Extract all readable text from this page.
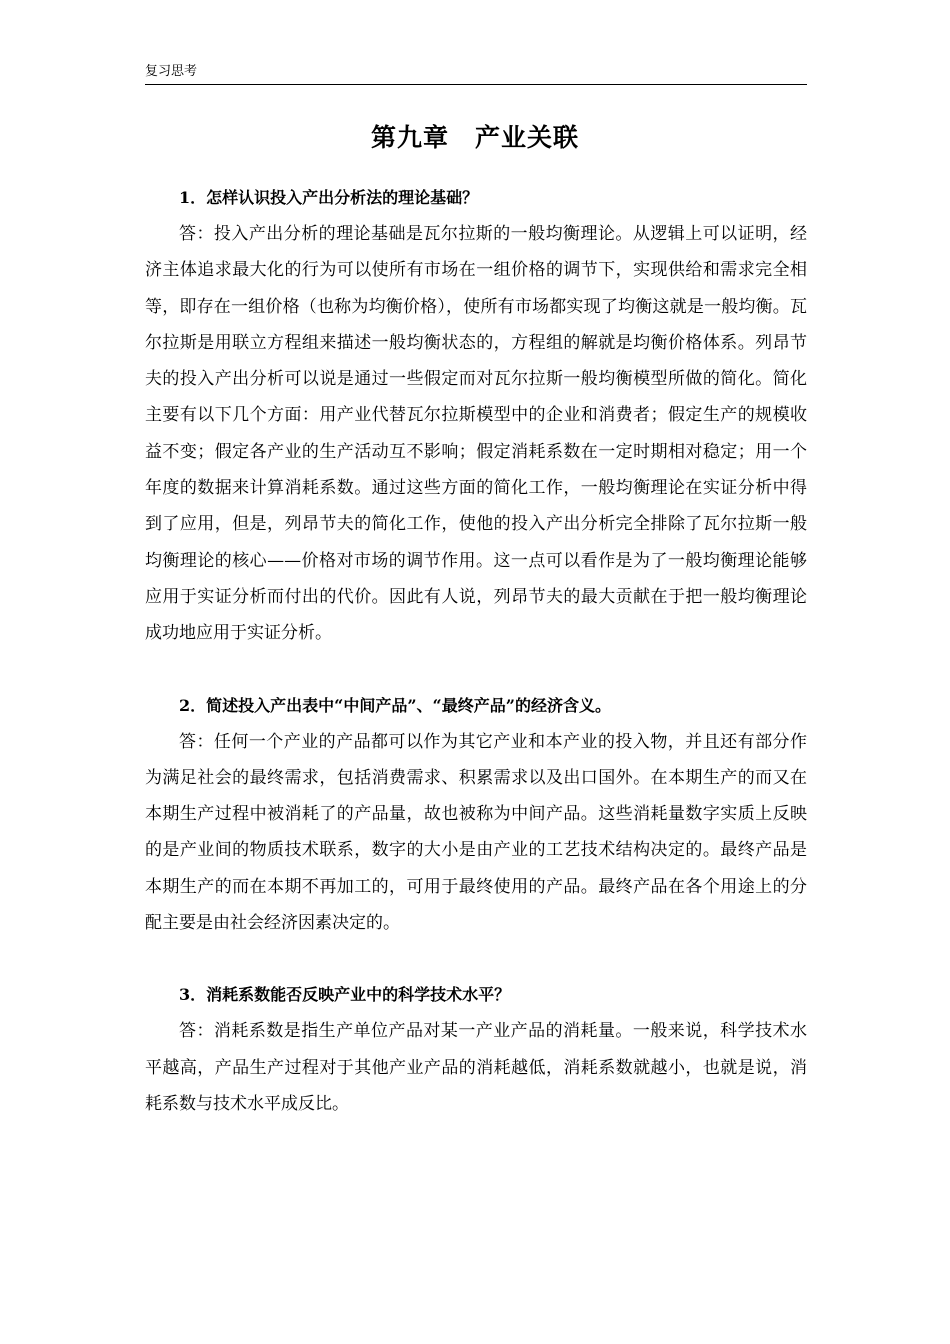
复习思考
第九章　产业关联

1．怎样认识投入产出分析法的理论基础？

答：投入产出分析的理论基础是瓦尔拉斯的一般均衡理论。从逻辑上可以证明，经济主体追求最大化的行为可以使所有市场在一组价格的调节下，实现供给和需求完全相等，即存在一组价格（也称为均衡价格），使所有市场都实现了均衡这就是一般均衡。瓦尔拉斯是用联立方程组来描述一般均衡状态的，方程组的解就是均衡价格体系。列昂节夫的投入产出分析可以说是通过一些假定而对瓦尔拉斯一般均衡模型所做的简化。简化主要有以下几个方面：用产业代替瓦尔拉斯模型中的企业和消费者；假定生产的规模收益不变；假定各产业的生产活动互不影响；假定消耗系数在一定时期相对稳定；用一个年度的数据来计算消耗系数。通过这些方面的简化工作，一般均衡理论在实证分析中得到了应用，但是，列昂节夫的简化工作，使他的投入产出分析完全排除了瓦尔拉斯一般均衡理论的核心——价格对市场的调节作用。这一点可以看作是为了一般均衡理论能够应用于实证分析而付出的代价。因此有人说，列昂节夫的最大贡献在于把一般均衡理论成功地应用于实证分析。

2．简述投入产出表中“中间产品”、“最终产品”的经济含义。

答：任何一个产业的产品都可以作为其它产业和本产业的投入物，并且还有部分作为满足社会的最终需求，包括消费需求、积累需求以及出口国外。在本期生产的而又在本期生产过程中被消耗了的产品量，故也被称为中间产品。这些消耗量数字实质上反映的是产业间的物质技术联系，数字的大小是由产业的工艺技术结构决定的。最终产品是本期生产的而在本期不再加工的，可用于最终使用的产品。最终产品在各个用途上的分配主要是由社会经济因素决定的。

3．消耗系数能否反映产业中的科学技术水平？

答：消耗系数是指生产单位产品对某一产业产品的消耗量。一般来说，科学技术水平越高，产品生产过程对于其他产业产品的消耗越低，消耗系数就越小，也就是说，消耗系数与技术水平成反比。
